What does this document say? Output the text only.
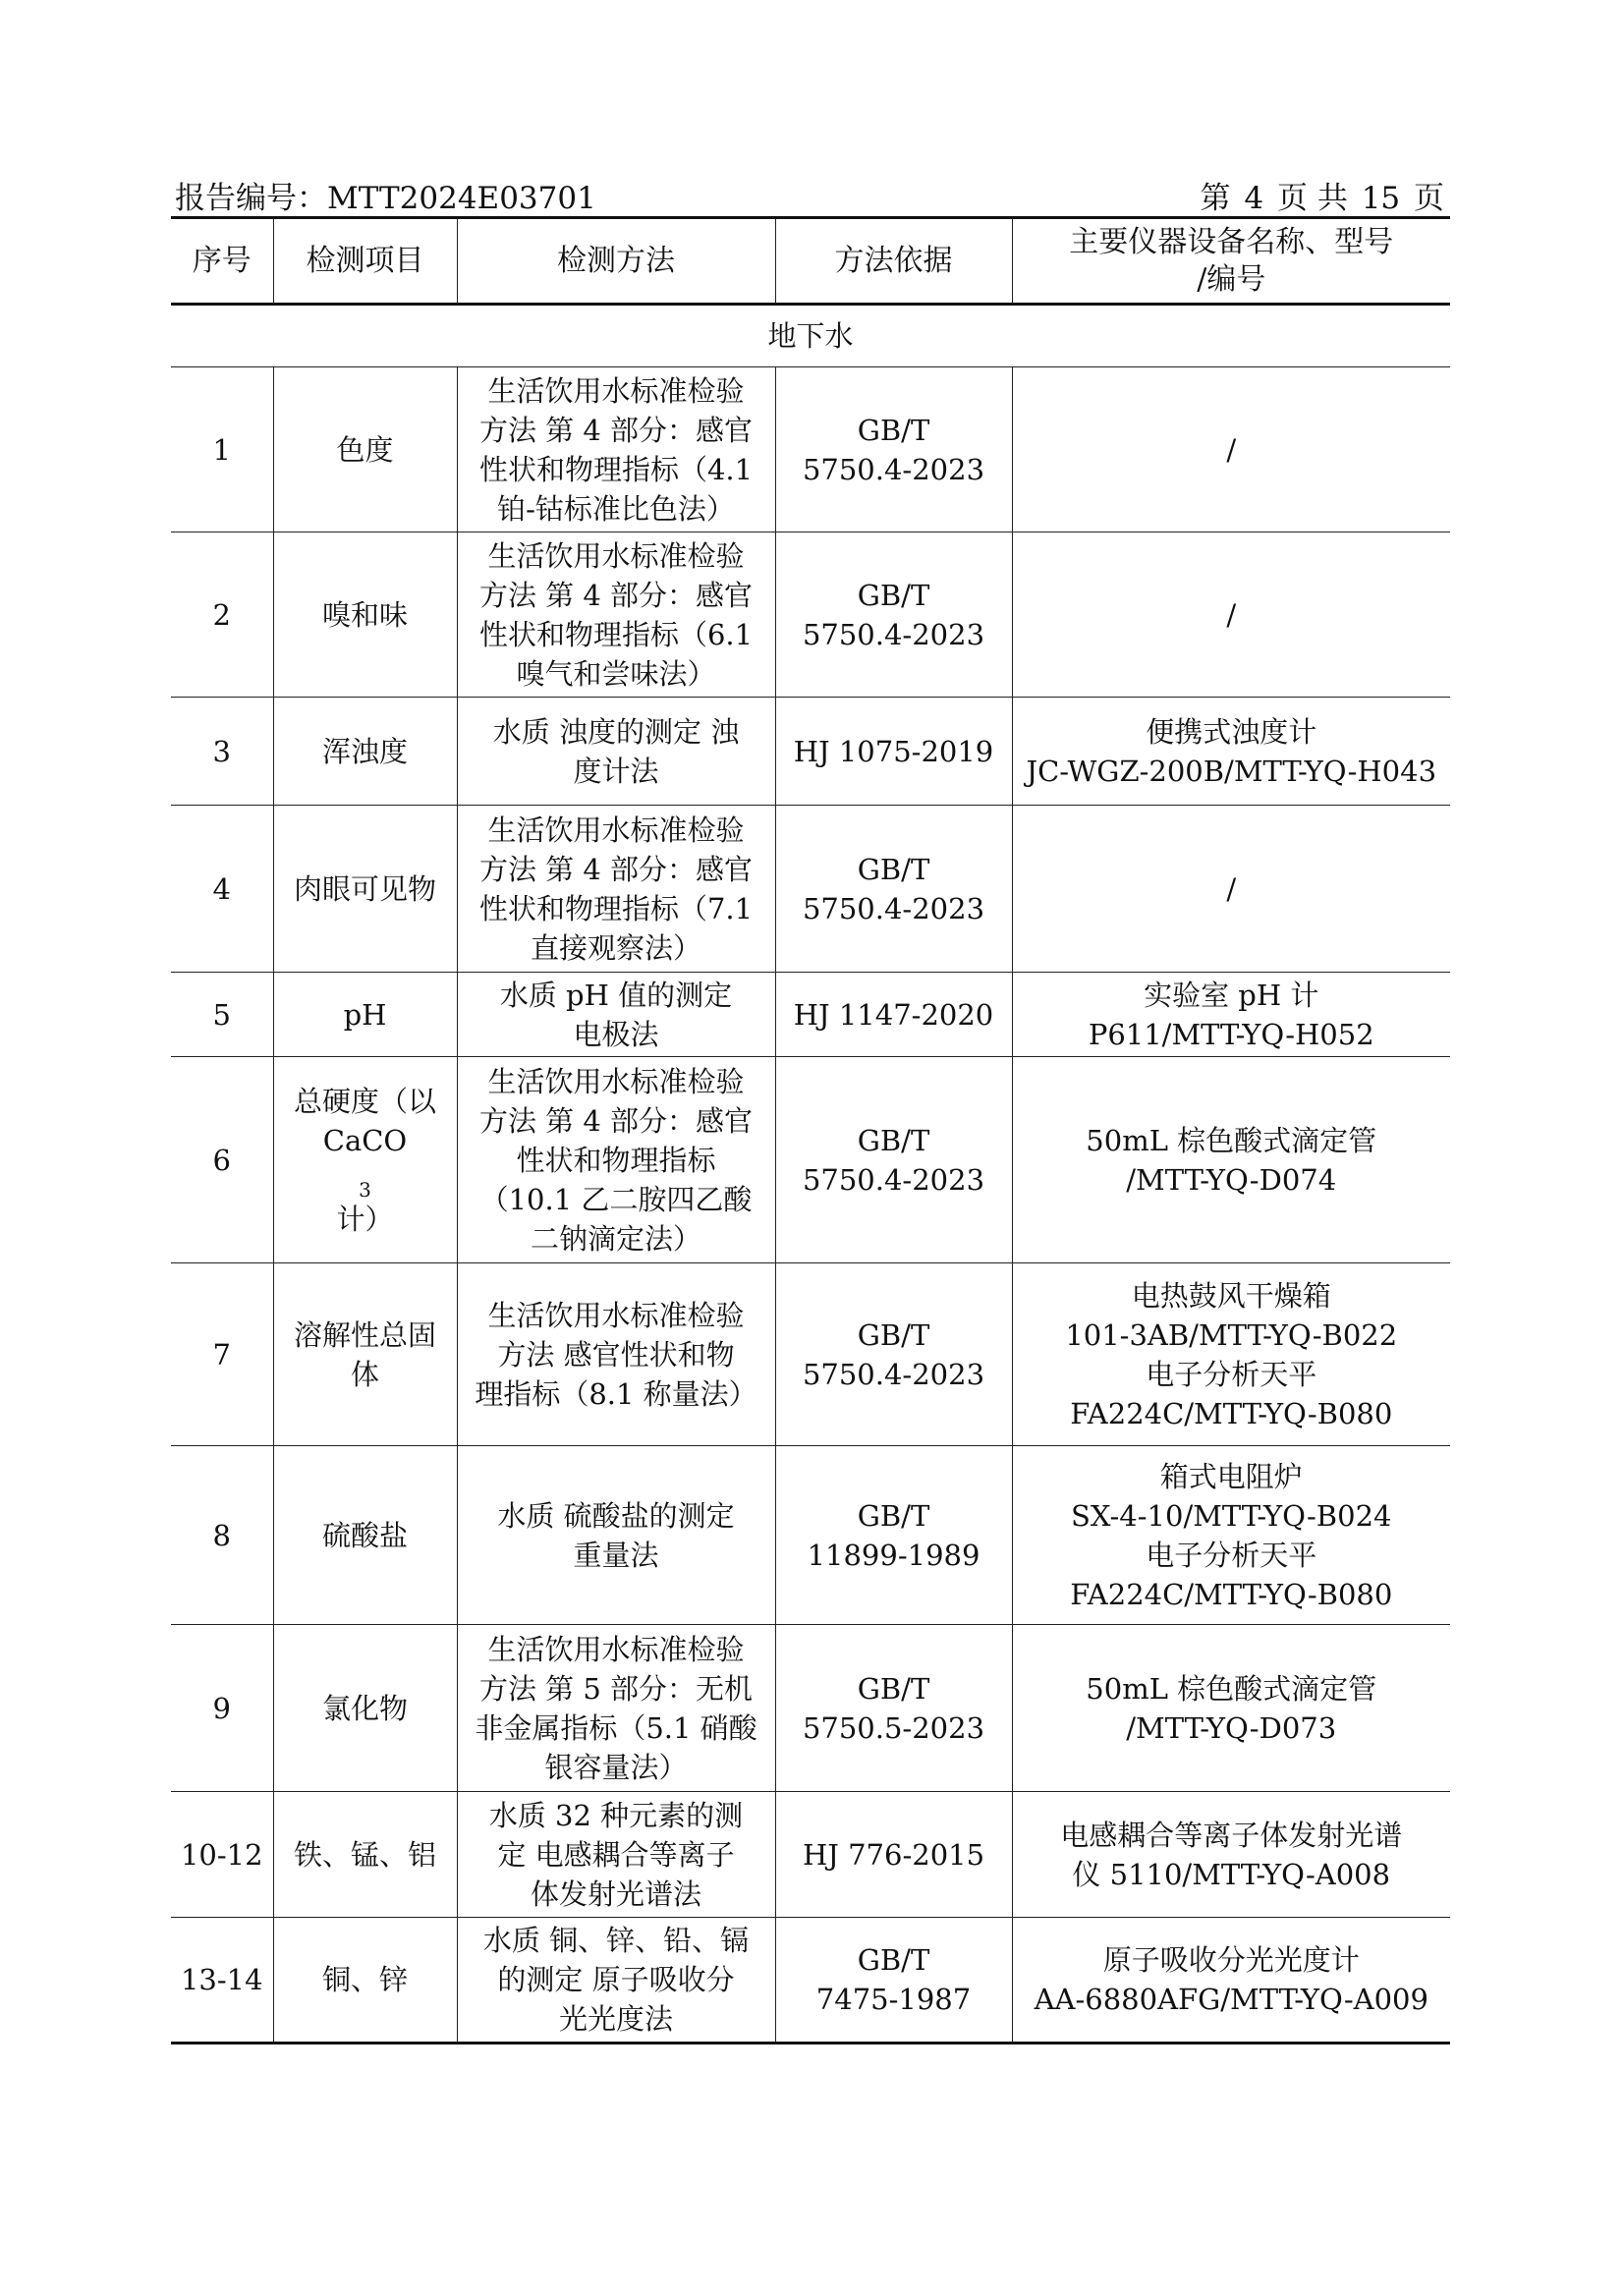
报告编号：MTT2024E03701	第 4 页 共 15 页
序号	检测项目	检测方法	方法依据	主要仪器设备名称、型号
/编号

地下水				
1	色度	生活饮用水标准检验
方法 第 4 部分：感官
性状和物理指标（4.1
铂-钴标准比色法）	GB/T
5750.4-2023	/

2	嗅和味	生活饮用水标准检验
方法 第 4 部分：感官
性状和物理指标（6.1
嗅气和尝味法）	GB/T
5750.4-2023	/

3	浑浊度	水质 浊度的测定 浊
度计法	HJ 1075-2019	便携式浊度计
JC-WGZ-200B/MTT-YQ-H043

4	肉眼可见物	生活饮用水标准检验
方法 第 4 部分：感官
性状和物理指标（7.1
直接观察法）	GB/T
5750.4-2023	/

5	pH	水质 pH 值的测定
电极法	HJ 1147-2020	实验室 pH 计
P611/MTT-YQ-H052

6	总硬度（以
CaCO
$_3$
计）	生活饮用水标准检验
方法 第 4 部分：感官
性状和物理指标
（10.1 乙二胺四乙酸
二钠滴定法）	GB/T
5750.4-2023	50mL 棕色酸式滴定管
/MTT-YQ-D074

7	溶解性总固体	生活饮用水标准检验
方法 感官性状和物
理指标（8.1 称量法）	GB/T
5750.4-2023	电热鼓风干燥箱
101-3AB/MTT-YQ-B022
电子分析天平
FA224C/MTT-YQ-B080

8	硫酸盐	水质 硫酸盐的测定
重量法	GB/T
11899-1989	箱式电阻炉
SX-4-10/MTT-YQ-B024
电子分析天平
FA224C/MTT-YQ-B080

9	氯化物	生活饮用水标准检验
方法 第 5 部分：无机
非金属指标（5.1 硝酸
银容量法）	GB/T
5750.5-2023	50mL 棕色酸式滴定管
/MTT-YQ-D073

10-12	铁、锰、铝	水质 32 种元素的测
定 电感耦合等离子
体发射光谱法	HJ 776-2015	电感耦合等离子体发射光谱
仪 5110/MTT-YQ-A008

13-14	铜、锌	水质 铜、锌、铅、镉
的测定 原子吸收分
光光度法	GB/T
7475-1987	原子吸收分光光度计
AA-6880AFG/MTT-YQ-A009
